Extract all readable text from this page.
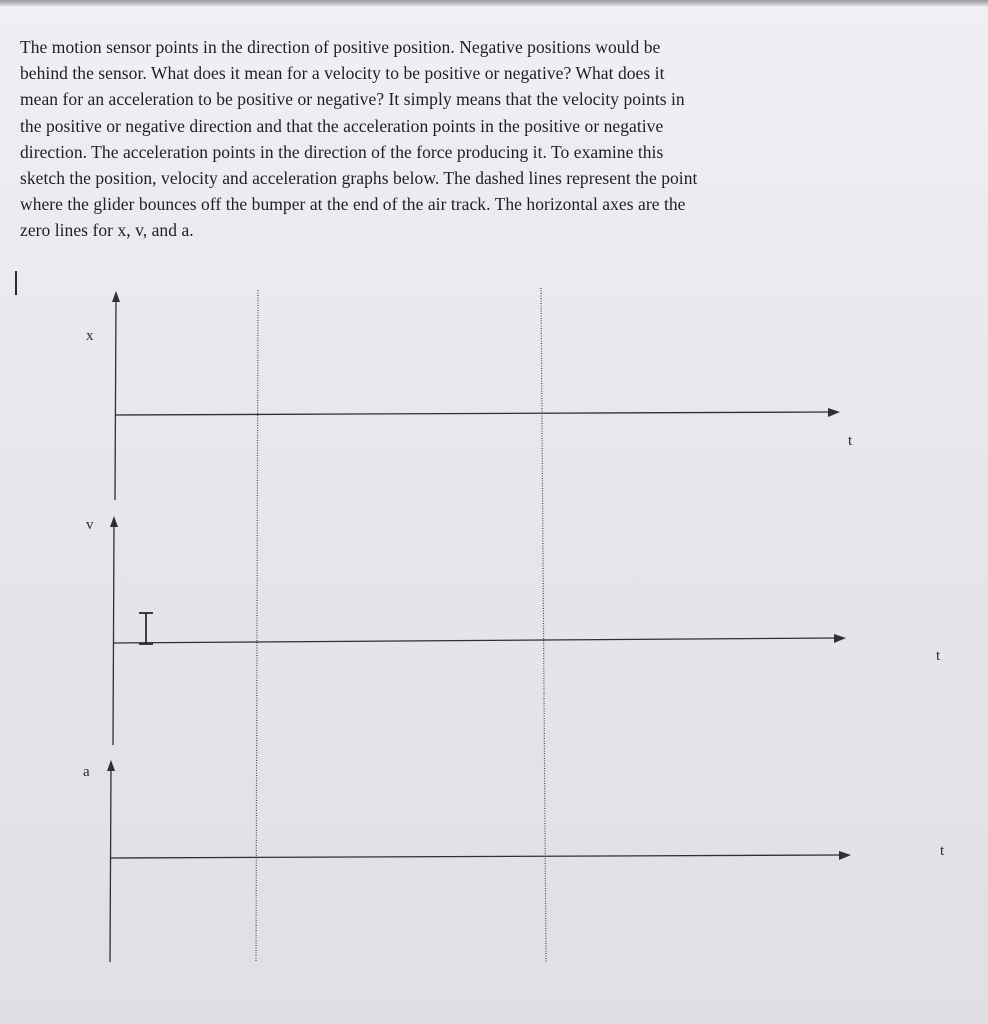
The motion sensor points in the direction of positive position. Negative positions would be
behind the sensor. What does it mean for a velocity to be positive or negative? What does it
mean for an acceleration to be positive or negative? It simply means that the velocity points in
the positive or negative direction and that the acceleration points in the positive or negative
direction. The acceleration points in the direction of the force producing it. To examine this
sketch the position, velocity and acceleration graphs below. The dashed lines represent the point
where the glider bounces off the bumper at the end of the air track. The horizontal axes are the
zero lines for x, v, and a.

x
t
v
t
a
t
